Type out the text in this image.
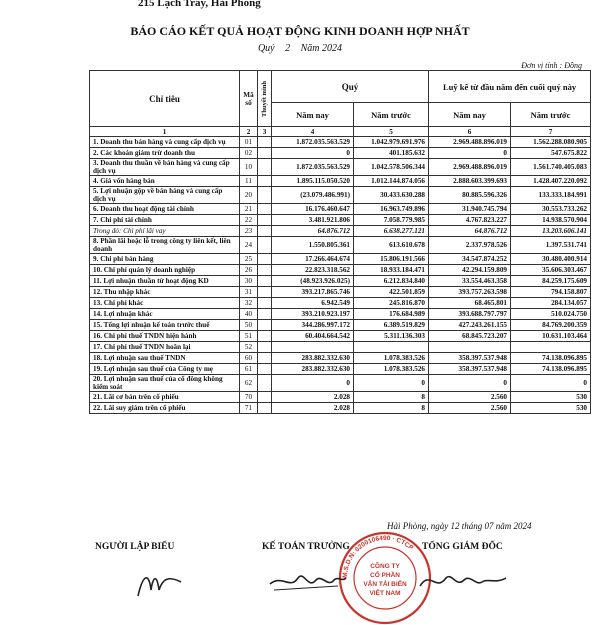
215 Lạch Tray, Hải Phòng
BÁO CÁO KẾT QUẢ HOẠT ĐỘNG KINH DOANH HỢP NHẤT
Quý 2 Năm 2024
Đơn vị tính : Đồng
Chỉ tiêu	Mã số	Thuyết minh	Quý		Luỹ kế từ đầu năm đến cuối quý này	
			Năm nay	Năm trước	Năm nay	Năm trước
1	2	3	4	5	6	7
1. Doanh thu bán hàng và cung cấp dịch vụ	01		1.872.035.563.529	1.042.979.691.976	2.969.488.896.019	1.562.288.080.905
2. Các khoản giảm trừ doanh thu	02		0	401.185.632	0	547.675.822
3. Doanh thu thuần về bán hàng và cung cấp dịch vụ	10		1.872.035.563.529	1.042.578.506.344	2.969.488.896.019	1.561.740.405.083
4. Giá vốn hàng bán	11		1.895.115.050.520	1.012.144.874.056	2.888.603.399.693	1.428.407.220.092
5. Lợi nhuận gộp về bán hàng và cung cấp dịch vụ	20		(23.079.486.991)	30.433.630.288	80.885.596.326	133.333.184.991
6. Doanh thu hoạt động tài chính	21		16.176.460.647	16.963.749.896	31.940.745.794	30.553.733.262
7. Chi phí tài chính	22		3.481.921.806	7.058.779.985	4.767.823.227	14.938.570.904
Trong đó: Chi phí lãi vay	23		64.876.712	6.638.277.121	64.876.712	13.203.606.141
8. Phần lãi hoặc lỗ trong công ty liên kết, liên doanh	24		1.550.805.361	613.610.678	2.337.978.526	1.397.531.741
9. Chi phí bán hàng	25		17.266.464.674	15.806.191.566	34.547.874.252	30.480.400.914
10. Chi phí quản lý doanh nghiệp	26		22.823.318.562	18.933.184.471	42.294.159.809	35.606.303.467
11. Lợi nhuận thuần từ hoạt động KD	30		(48.923.926.025)	6.212.834.840	33.554.463.358	84.259.175.609
12. Thu nhập khác	31		393.217.865.746	422.501.859	393.757.263.598	794.158.807
13. Chi phí khác	32		6.942.549	245.816.870	68.465.801	284.134.057
14. Lợi nhuận khác	40		393.210.923.197	176.684.989	393.688.797.797	510.024.750
15. Tổng lợi nhuận kế toán trước thuế	50		344.286.997.172	6.389.519.829	427.243.261.155	84.769.200.359
16. Chi phí thuế TNDN hiện hành	51		60.404.664.542	5.311.136.303	68.845.723.207	10.631.103.464
17. Chi phí thuế TNDN hoãn lại	52					
18. Lợi nhuận sau thuế TNDN	60		283.882.332.630	1.078.383.526	358.397.537.948	74.138.096.895
19. Lợi nhuận sau thuế của Công ty mẹ	61		283.882.332.630	1.078.383.526	358.397.537.948	74.138.096.895
20. Lợi nhuận sau thuế của cổ đông không kiểm soát	62		0	0	0	0
21. Lãi cơ bản trên cổ phiếu	70		2.028	8	2.560	530
22. Lãi suy giảm trên cổ phiếu	71		2.028	8	2.560	530
Hải Phòng, ngày 12 tháng 07 năm 2024
NGƯỜI LẬP BIỂU	KẾ TOÁN TRƯỞNG	TỔNG GIÁM ĐỐC
M.S.D.N: 0200106490 · CTCP
CÔNG TY
CỔ PHẦN
VẬN TẢI BIỂN
VIỆT NAM
